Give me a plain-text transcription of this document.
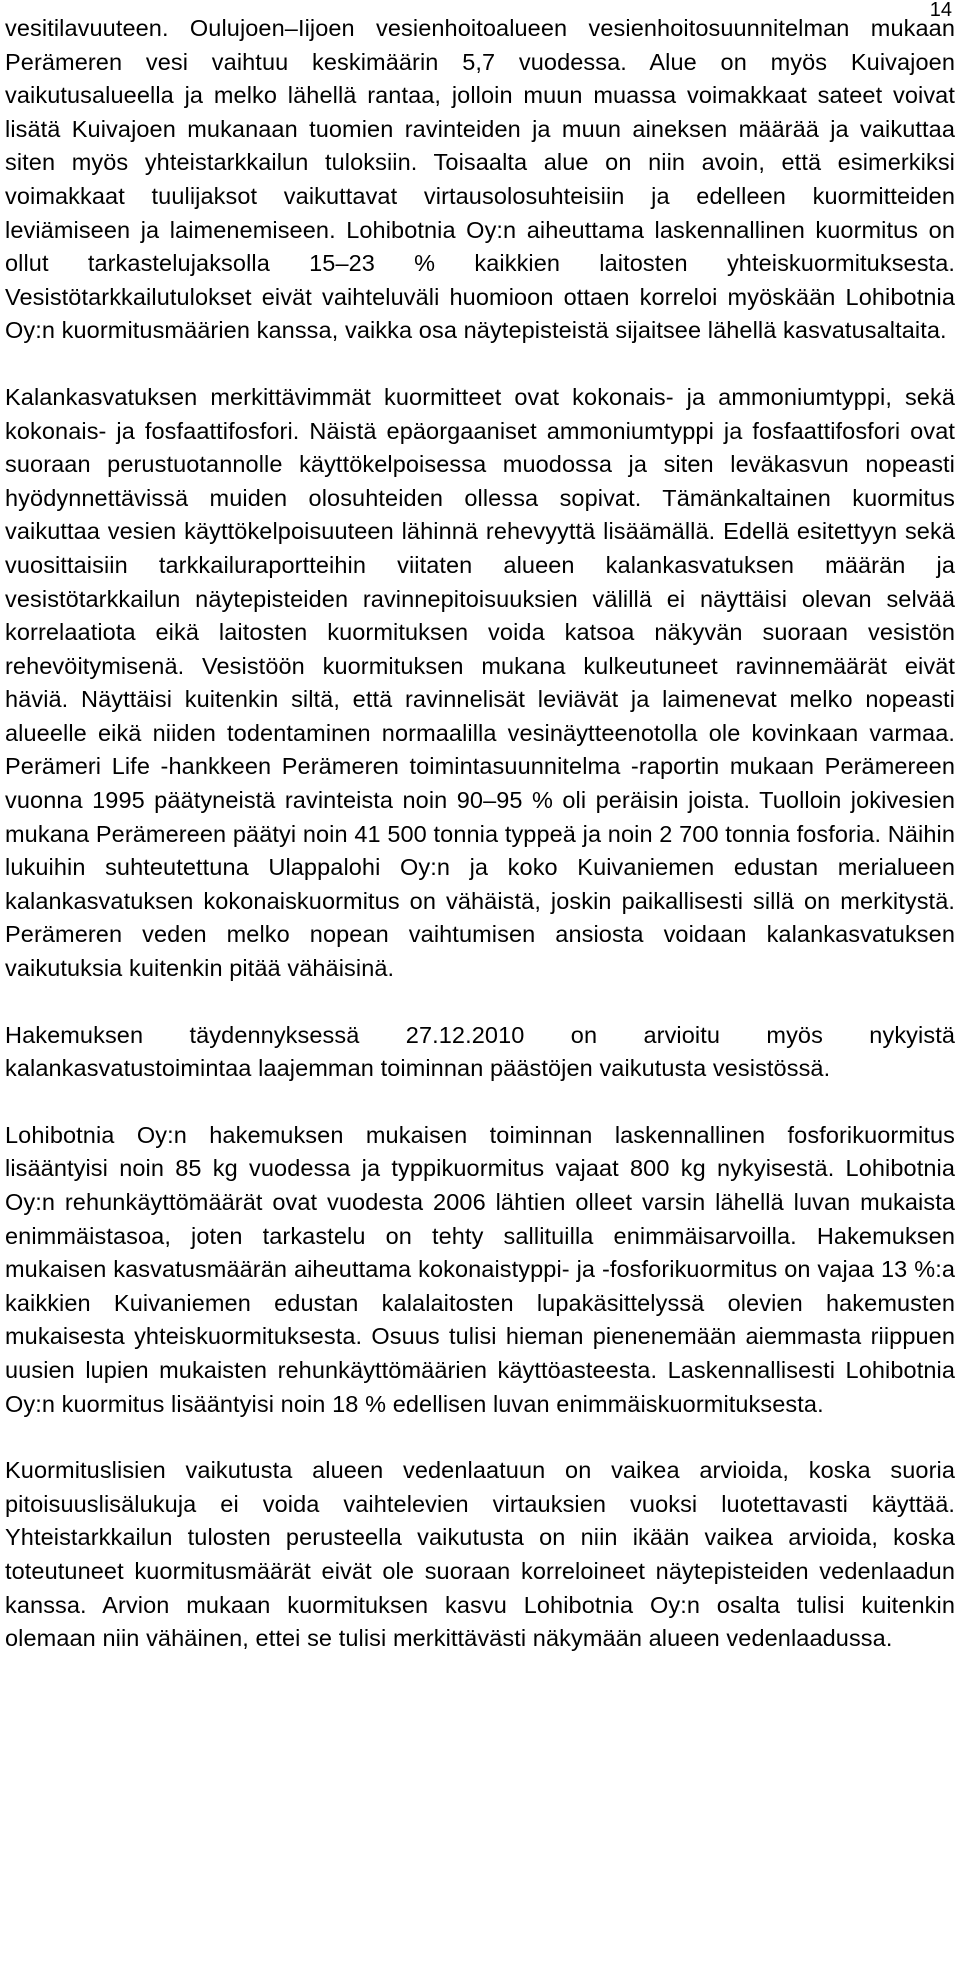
14

vesitilavuuteen. Oulujoen–Iijoen vesienhoitoalueen vesienhoitosuunnitelman mukaan Perämeren vesi vaihtuu keskimäärin 5,7 vuodessa. Alue on myös Kuivajoen vaikutusalueella ja melko lähellä rantaa, jolloin muun muassa voimakkaat sateet voivat lisätä Kuivajoen mukanaan tuomien ravinteiden ja muun aineksen määrää ja vaikuttaa siten myös yhteistarkkailun tuloksiin. Toisaalta alue on niin avoin, että esimerkiksi voimakkaat tuulijaksot vaikuttavat virtausolosuhteisiin ja edelleen kuormitteiden leviämiseen ja laimenemiseen. Lohibotnia Oy:n aiheuttama laskennallinen kuormitus on ollut tarkastelujaksolla 15–23 % kaikkien laitosten yhteiskuormituksesta. Vesistötarkkailutulokset eivät vaihteluväli huomioon ottaen korreloi myöskään Lohibotnia Oy:n kuormitusmäärien kanssa, vaikka osa näytepisteistä sijaitsee lähellä kasvatusaltaita.

Kalankasvatuksen merkittävimmät kuormitteet ovat kokonais- ja ammoniumtyppi, sekä kokonais- ja fosfaattifosfori. Näistä epäorgaaniset ammoniumtyppi ja fosfaattifosfori ovat suoraan perustuotannolle käyttökelpoisessa muodossa ja siten leväkasvun nopeasti hyödynnettävissä muiden olosuhteiden ollessa sopivat. Tämänkaltainen kuormitus vaikuttaa vesien käyttökelpoisuuteen lähinnä rehevyyttä lisäämällä. Edellä esitettyyn sekä vuosittaisiin tarkkailuraportteihin viitaten alueen kalankasvatuksen määrän ja vesistötarkkailun näytepisteiden ravinnepitoisuuksien välillä ei näyttäisi olevan selvää korrelaatiota eikä laitosten kuormituksen voida katsoa näkyvän suoraan vesistön rehevöitymisenä. Vesistöön kuormituksen mukana kulkeutuneet ravinnemäärät eivät häviä. Näyttäisi kuitenkin siltä, että ravinnelisät leviävät ja laimenevat melko nopeasti alueelle eikä niiden todentaminen normaalilla vesinäytteenotolla ole kovinkaan varmaa. Perämeri Life -hankkeen Perämeren toimintasuunnitelma -raportin mukaan Perämereen vuonna 1995 päätyneistä ravinteista noin 90–95 % oli peräisin joista. Tuolloin jokivesien mukana Perämereen päätyi noin 41 500 tonnia typpeä ja noin 2 700 tonnia fosforia. Näihin lukuihin suhteutettuna Ulappalohi Oy:n ja koko Kuivaniemen edustan merialueen kalankasvatuksen kokonaiskuormitus on vähäistä, joskin paikallisesti sillä on merkitystä. Perämeren veden melko nopean vaihtumisen ansiosta voidaan kalankasvatuksen vaikutuksia kuitenkin pitää vähäisinä.

Hakemuksen täydennyksessä 27.12.2010 on arvioitu myös nykyistä kalankasvatustoimintaa laajemman toiminnan päästöjen vaikutusta vesistössä.

Lohibotnia Oy:n hakemuksen mukaisen toiminnan laskennallinen fosforikuormitus lisääntyisi noin 85 kg vuodessa ja typpikuormitus vajaat 800 kg nykyisestä. Lohibotnia Oy:n rehunkäyttömäärät ovat vuodesta 2006 lähtien olleet varsin lähellä luvan mukaista enimmäistasoa, joten tarkastelu on tehty sallituilla enimmäisarvoilla. Hakemuksen mukaisen kasvatusmäärän aiheuttama kokonaistyppi- ja -fosforikuormitus on vajaa 13 %:a kaikkien Kuivaniemen edustan kalalaitosten lupakäsittelyssä olevien hakemusten mukaisesta yhteiskuormituksesta. Osuus tulisi hieman pienenemään aiemmasta riippuen uusien lupien mukaisten rehunkäyttömäärien käyttöasteesta. Laskennallisesti Lohibotnia Oy:n kuormitus lisääntyisi noin 18 % edellisen luvan enimmäiskuormituksesta.

Kuormituslisien vaikutusta alueen vedenlaatuun on vaikea arvioida, koska suoria pitoisuuslisälukuja ei voida vaihtelevien virtauksien vuoksi luotettavasti käyttää. Yhteistarkkailun tulosten perusteella vaikutusta on niin ikään vaikea arvioida, koska toteutuneet kuormitusmäärät eivät ole suoraan korreloineet näytepisteiden vedenlaadun kanssa. Arvion mukaan kuormituksen kasvu Lohibotnia Oy:n osalta tulisi kuitenkin olemaan niin vähäinen, ettei se tulisi merkittävästi näkymään alueen vedenlaadussa.
